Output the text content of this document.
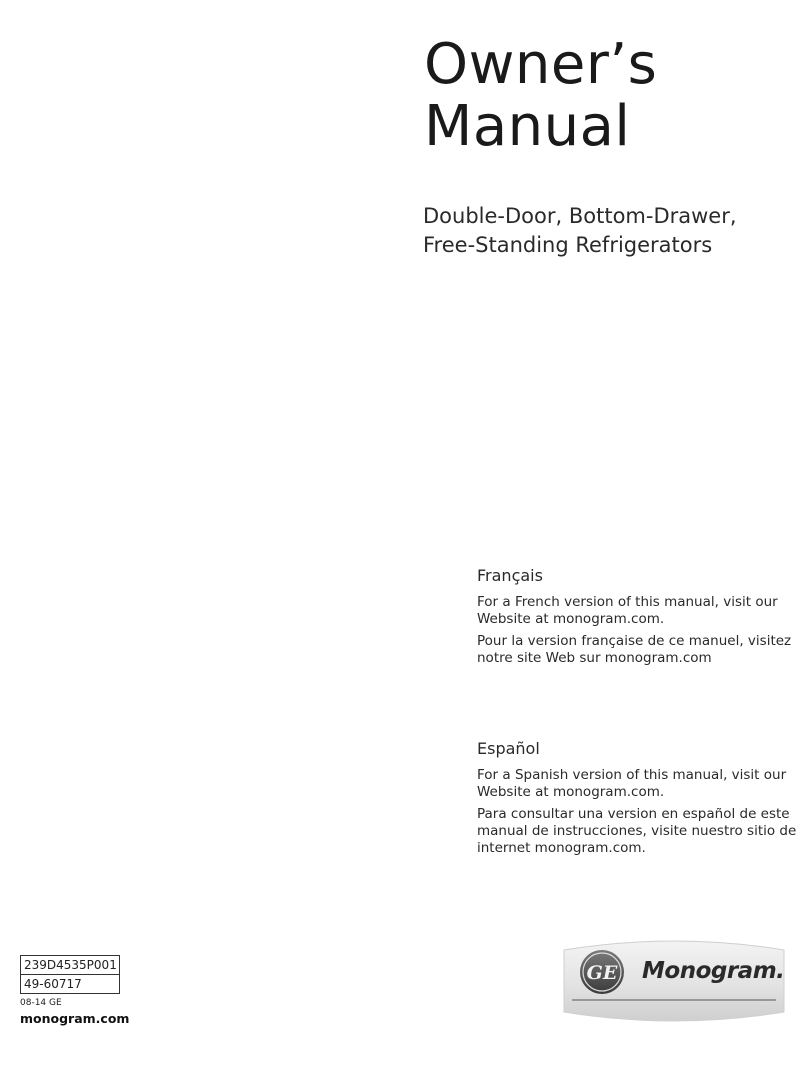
Owner’s
Manual
Double-Door, Bottom-Drawer,
Free-Standing Refrigerators
Français

For a French version of this manual, visit our Website at monogram.com.

Pour la version française de ce manuel, visitez notre site Web sur monogram.com

Español

For a Spanish version of this manual, visit our Website at monogram.com.

Para consultar una version en español de este manual de instrucciones, visite nuestro sitio de internet monogram.com.

239D4535P001
49-60717
08-14 GE
monogram.com
GE Monogram.
